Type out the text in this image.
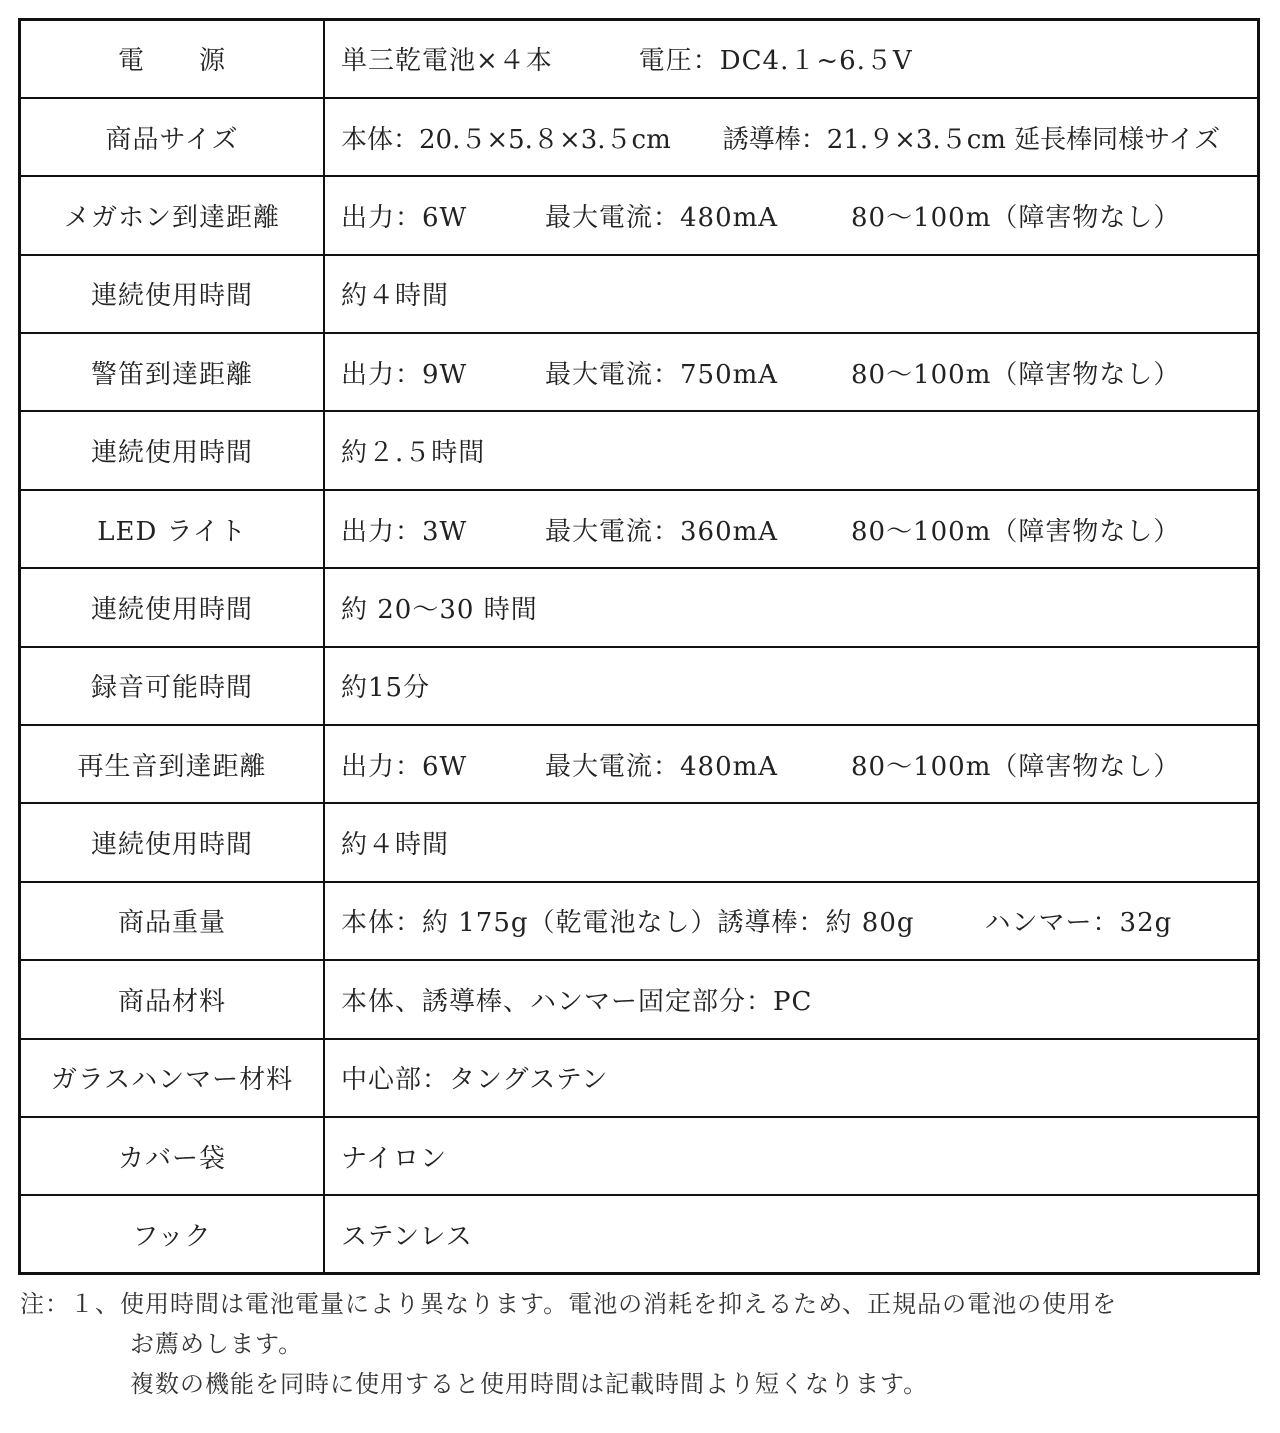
電　　源	単三乾電池×４本 電圧：DC4.１~6.５V
商品サイズ	本体：20.５×5.８×3.５cm 誘導棒：21.９×3.５cm 延長棒同様サイズ
メガホン到達距離	出力：6W 最大電流：480mA 80～100m（障害物なし）
連続使用時間	約４時間
警笛到達距離	出力：9W 最大電流：750mA 80～100m（障害物なし）
連続使用時間	約２.５時間
LED ライト	出力：3W 最大電流：360mA 80～100m（障害物なし）
連続使用時間	約 20～30 時間
録音可能時間	約15分
再生音到達距離	出力：6W 最大電流：480mA 80～100m（障害物なし）
連続使用時間	約４時間
商品重量	本体：約 175g（乾電池なし）誘導棒：約 80g ハンマー：32g
商品材料	本体、誘導棒、ハンマー固定部分：PC
ガラスハンマー材料	中心部：タングステン
カバー袋	ナイロン
フック	ステンレス
注：１、使用時間は電池電量により異なります。電池の消耗を抑えるため、正規品の電池の使用を
お薦めします。
複数の機能を同時に使用すると使用時間は記載時間より短くなります。
